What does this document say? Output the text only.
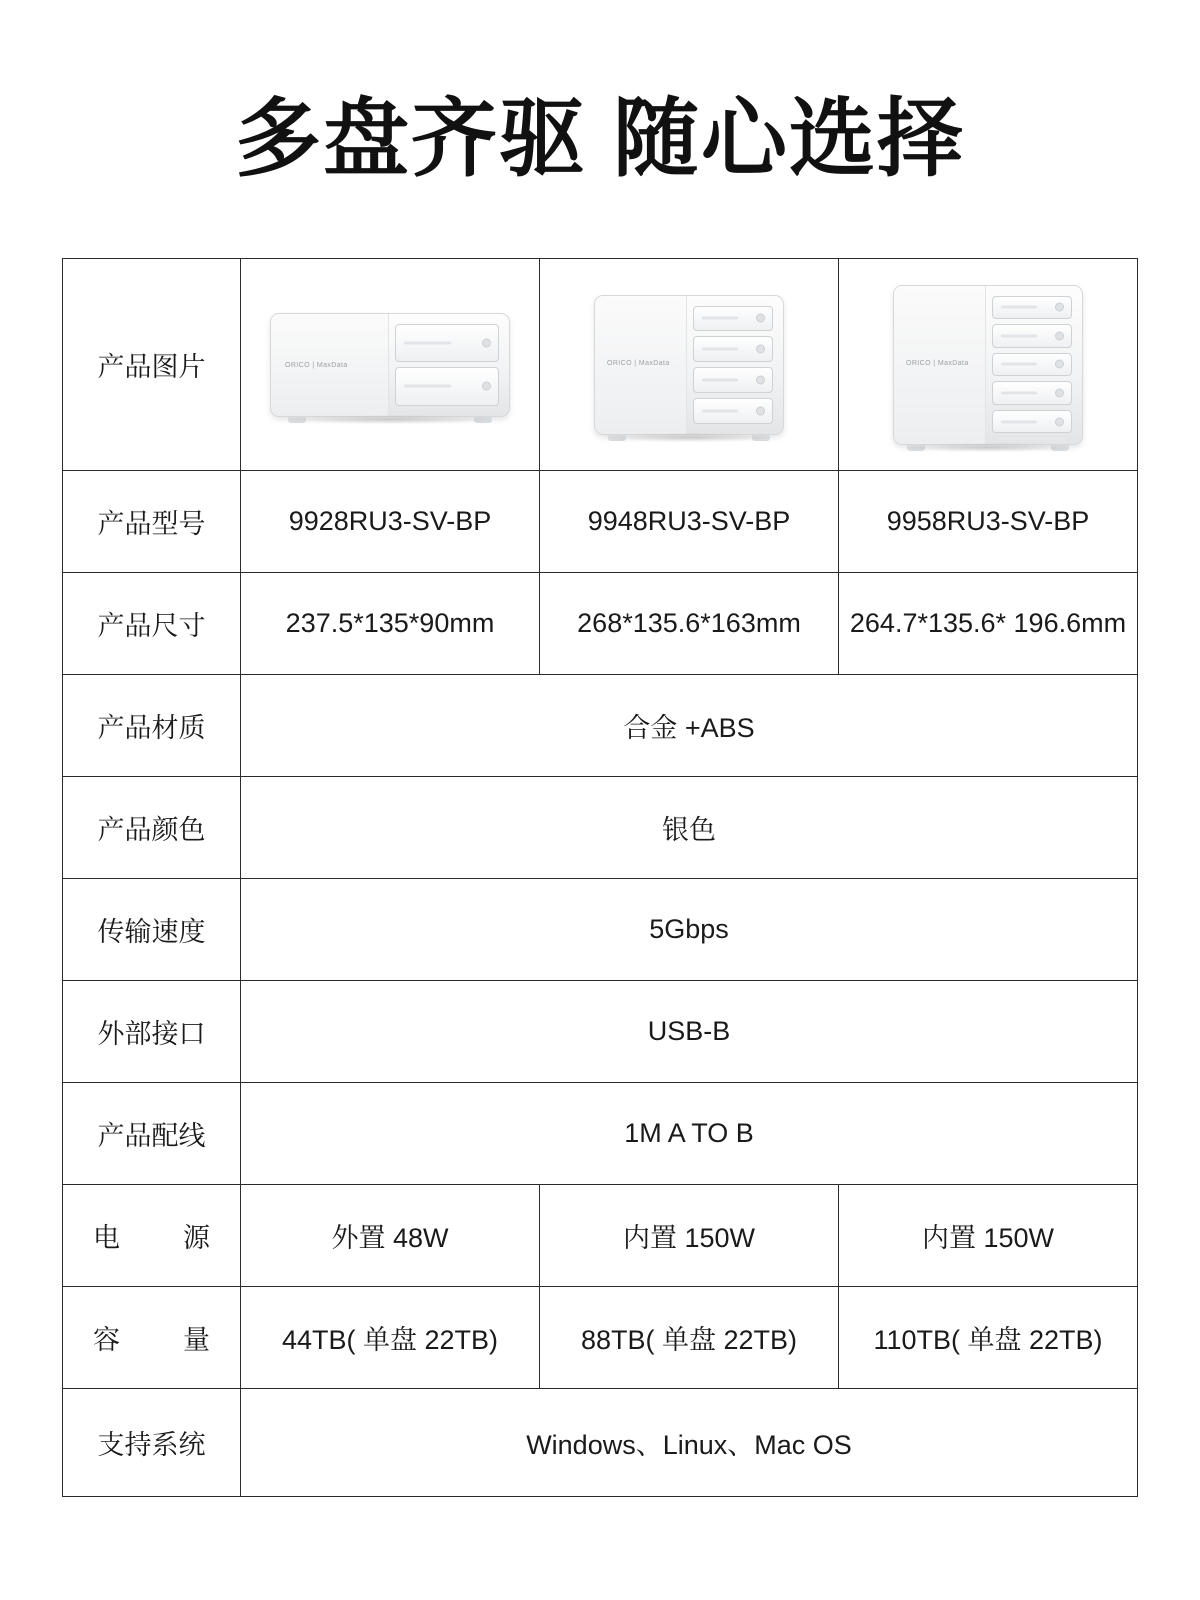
多盘齐驱 随心选择
产品图片	ORICO | MaxData	ORICO | MaxData	ORICO | MaxData

产品型号	9928RU3-SV-BP	9948RU3-SV-BP	9958RU3-SV-BP
产品尺寸	237.5*135*90mm	268*135.6*163mm	264.7*135.6* 196.6mm
产品材质	合金 +ABS		
产品颜色	银色		
传输速度	5Gbps		
外部接口	USB-B		
产品配线	1M A TO B		
电　源	外置 48W	内置 150W	内置 150W
容　量	44TB( 单盘 22TB)	88TB( 单盘 22TB)	110TB( 单盘 22TB)
支持系统	Windows、Linux、Mac OS		
